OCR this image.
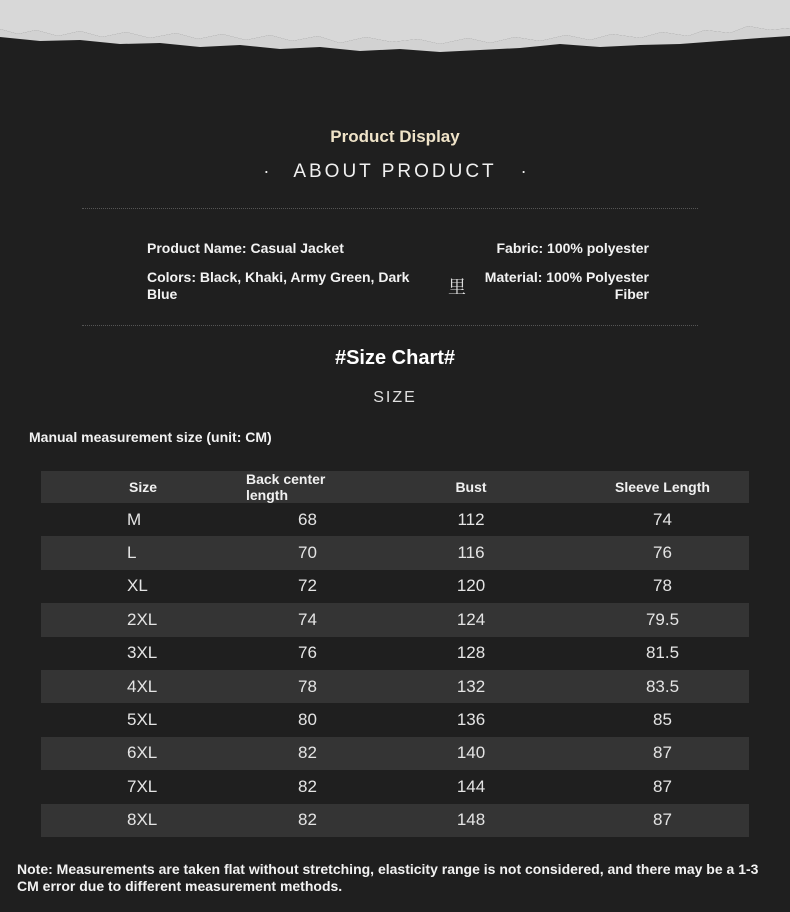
Product Display
· ABOUT PRODUCT ·
Product Name: Casual Jacket	Fabric: 100% polyester
Colors: Black, Khaki, Army Green, Dark Blue	里	Material: 100% Polyester Fiber
#Size Chart#
SIZE
Manual measurement size (unit: CM)
Size	Back center length	Bust	Sleeve Length
M	68	112	74
L	70	116	76
XL	72	120	78
2XL	74	124	79.5
3XL	76	128	81.5
4XL	78	132	83.5
5XL	80	136	85
6XL	82	140	87
7XL	82	144	87
8XL	82	148	87
Note: Measurements are taken flat without stretching, elasticity range is not considered, and there may be a 1-3 CM error due to different measurement methods.
